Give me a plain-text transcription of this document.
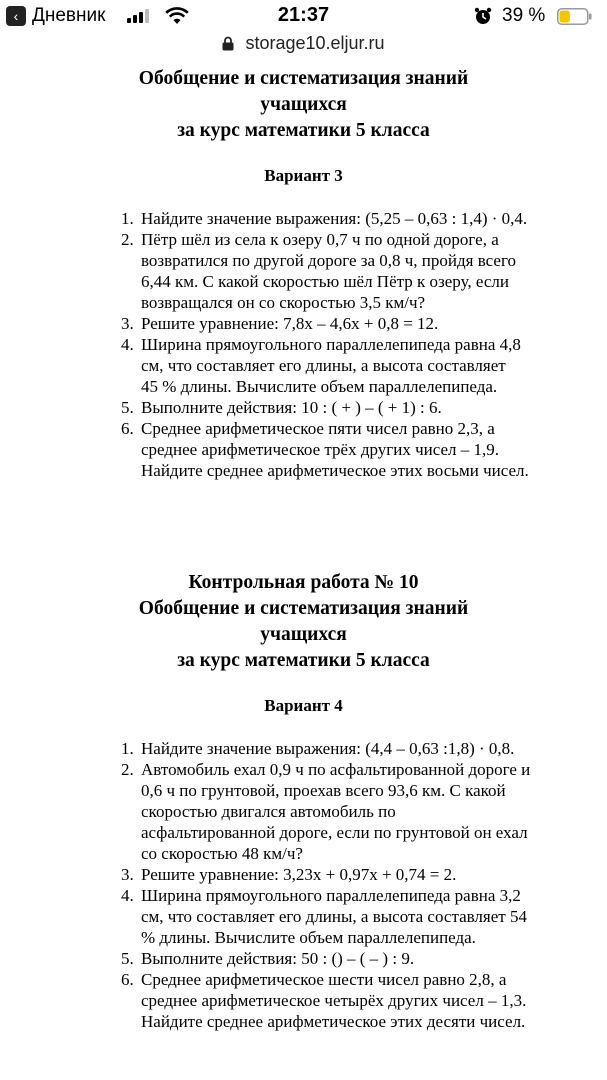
‹ Дневник	21:37	39 %
storage10.eljur.ru

Обобщение и систематизация знаний

учащихся

за курс математики 5 класса

Вариант 3

1. Найдите значение выражения: (5,25 – 0,63 : 1,4) · 0,4.
2. Пётр шёл из села к озеру 0,7 ч по одной дороге, а
возвратился по другой дороге за 0,8 ч, пройдя всего
6,44 км. С какой скоростью шёл Пётр к озеру, если
возвращался он со скоростью 3,5 км/ч?
3. Решите уравнение: 7,8x – 4,6x + 0,8 = 12.
4. Ширина прямоугольного параллелепипеда равна 4,8
см, что составляет его длины, а высота составляет
45 % длины. Вычислите объем параллелепипеда.
5. Выполните действия: 10 : ( + ) – ( + 1) : 6.
6. Среднее арифметическое пяти чисел равно 2,3, а
среднее арифметическое трёх других чисел – 1,9.
Найдите среднее арифметическое этих восьми чисел.

Контрольная работа № 10

Обобщение и систематизация знаний

учащихся

за курс математики 5 класса

Вариант 4

1. Найдите значение выражения: (4,4 – 0,63 :1,8) · 0,8.
2. Автомобиль ехал 0,9 ч по асфальтированной дороге и
0,6 ч по грунтовой, проехав всего 93,6 км. С какой
скоростью двигался автомобиль по
асфальтированной дороге, если по грунтовой он ехал
со скоростью 48 км/ч?
3. Решите уравнение: 3,23x + 0,97x + 0,74 = 2.
4. Ширина прямоугольного параллелепипеда равна 3,2
см, что составляет его длины, а высота составляет 54
% длины. Вычислите объем параллелепипеда.
5. Выполните действия: 50 : () – ( – ) : 9.
6. Среднее арифметическое шести чисел равно 2,8, а
среднее арифметическое четырёх других чисел – 1,3.
Найдите среднее арифметическое этих десяти чисел.
